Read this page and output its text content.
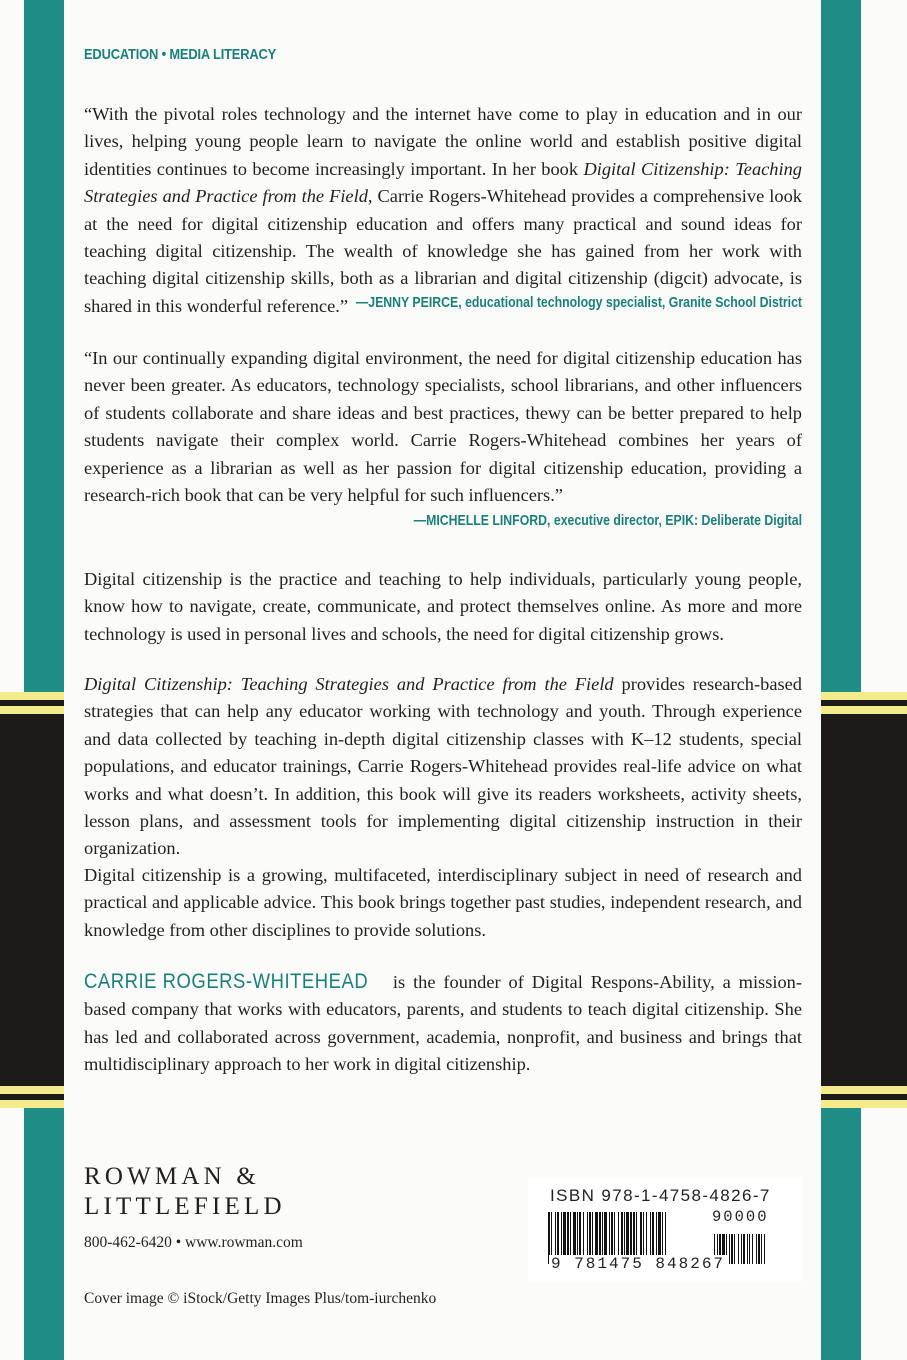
EDUCATION • MEDIA LITERACY

“With the pivotal roles technology and the internet have come to play in education and in our lives, helping young people learn to navigate the online world and establish positive digital identities continues to become increasingly important. In her book Digital Citizenship: Teaching Strategies and Practice from the Field, Carrie Rogers-Whitehead provides a comprehensive look at the need for digital citizenship education and offers many practical and sound ideas for teaching digital citizenship. The wealth of knowledge she has gained from her work with teaching digital citizenship skills, both as a librarian and digital citizenship (digcit) advocate, is shared in this wonderful reference.” —JENNY PEIRCE, educational technology specialist, Granite School District

“In our continually expanding digital environment, the need for digital citizenship education has never been greater. As educators, technology specialists, school librarians, and other influencers of students collaborate and share ideas and best practices, thewy can be better prepared to help students navigate their complex world. Carrie Rogers-Whitehead combines her years of experience as a librarian as well as her passion for digital citizenship education, providing a research-rich book that can be very helpful for such influencers.”

—MICHELLE LINFORD, executive director, EPIK: Deliberate Digital

Digital citizenship is the practice and teaching to help individuals, particularly young people, know how to navigate, create, communicate, and protect themselves online. As more and more technology is used in personal lives and schools, the need for digital citizenship grows.

Digital Citizenship: Teaching Strategies and Practice from the Field provides research-based strategies that can help any educator working with technology and youth. Through experience and data collected by teaching in-depth digital citizenship classes with K–12 students, special populations, and educator trainings, Carrie Rogers-Whitehead provides real-life advice on what works and what doesn’t. In addition, this book will give its readers worksheets, activity sheets, lesson plans, and assessment tools for implementing digital citizenship instruction in their organization.

Digital citizenship is a growing, multifaceted, interdisciplinary subject in need of research and practical and applicable advice. This book brings together past studies, independent research, and knowledge from other disciplines to provide solutions.

CARRIE ROGERS-WHITEHEAD is the founder of Digital Respons-Ability, a mission-based company that works with educators, parents, and students to teach digital citizenship. She has led and collaborated across government, academia, nonprofit, and business and brings that multidisciplinary approach to her work in digital citizenship.

ROWMAN &
LITTLEFIELD
800-462-6420 • www.rowman.com
Cover image © iStock/Getty Images Plus/tom-iurchenko
ISBN 978-1-4758-4826-7
90000
9 781475 848267
